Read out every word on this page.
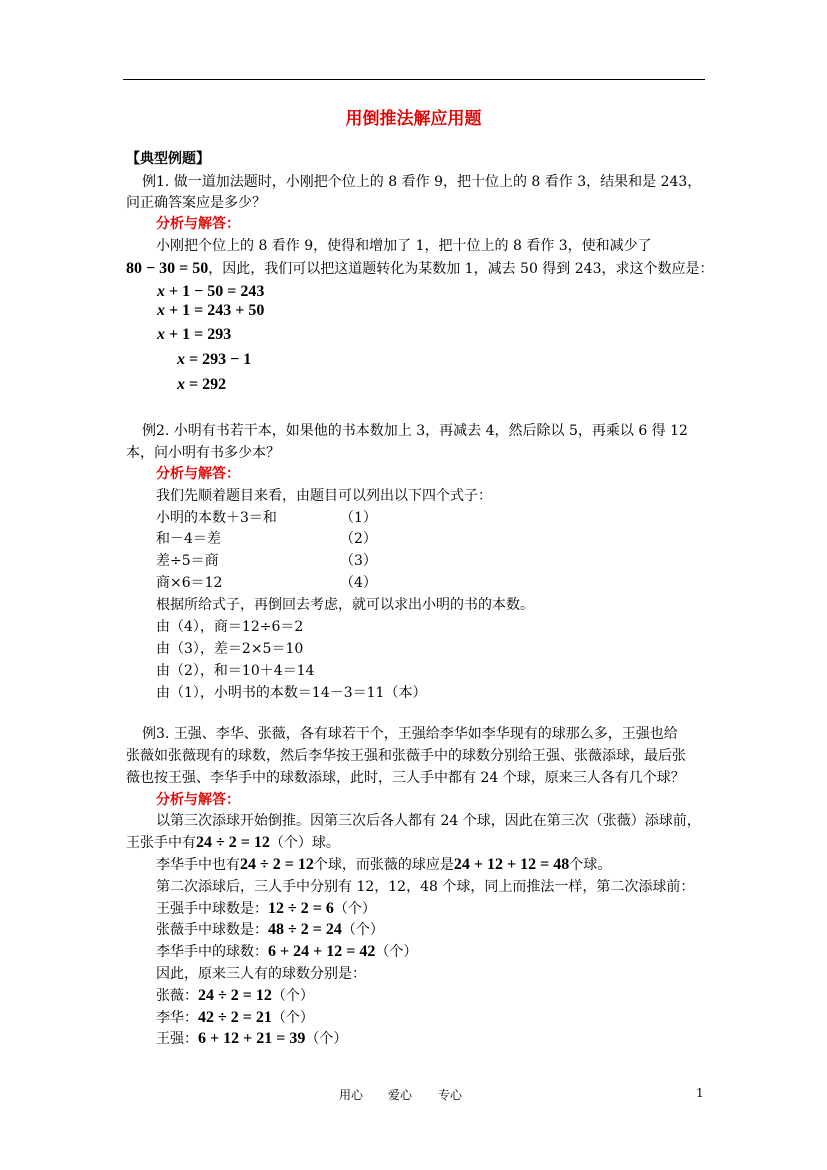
用倒推法解应用题
【典型例题】
例1. 做一道加法题时，小刚把个位上的 8 看作 9，把十位上的 8 看作 3，结果和是 243，
问正确答案应是多少？
分析与解答：
小刚把个位上的 8 看作 9，使得和增加了 1，把十位上的 8 看作 3，使和减少了
80 − 30 = 50，因此，我们可以把这道题转化为某数加 1，减去 50 得到 243，求这个数应是：
x + 1 − 50 = 243
x + 1 = 243 + 50
x + 1 = 293
x = 293 − 1
x = 292
例2. 小明有书若干本，如果他的书本数加上 3，再减去 4，然后除以 5，再乘以 6 得 12
本，问小明有书多少本？
分析与解答：
我们先顺着题目来看，由题目可以列出以下四个式子：
小明的本数＋3＝和	（1）
和－4＝差	（2）
差÷5＝商	（3）
商×6＝12	（4）
根据所给式子，再倒回去考虑，就可以求出小明的书的本数。
由（4），商＝12÷6＝2
由（3），差＝2×5＝10
由（2），和＝10＋4＝14
由（1），小明书的本数＝14－3＝11（本）
例3. 王强、李华、张薇，各有球若干个，王强给李华如李华现有的球那么多，王强也给
张薇如张薇现有的球数，然后李华按王强和张薇手中的球数分别给王强、张薇添球，最后张
薇也按王强、李华手中的球数添球，此时，三人手中都有 24 个球，原来三人各有几个球？
分析与解答：
以第三次添球开始倒推。因第三次后各人都有 24 个球，因此在第三次（张薇）添球前，
王张手中有24 ÷ 2 = 12（个）球。
李华手中也有24 ÷ 2 = 12个球，而张薇的球应是24 + 12 + 12 = 48个球。
第二次添球后，三人手中分别有 12，12，48 个球，同上而推法一样，第二次添球前：
王强手中球数是：12 ÷ 2 = 6（个）
张薇手中球数是：48 ÷ 2 = 24（个）
李华手中的球数：6 + 24 + 12 = 42（个）
因此，原来三人有的球数分别是：
张薇：24 ÷ 2 = 12（个）
李华：42 ÷ 2 = 21（个）
王强：6 + 12 + 21 = 39（个）
用心 爱心 专心	1
